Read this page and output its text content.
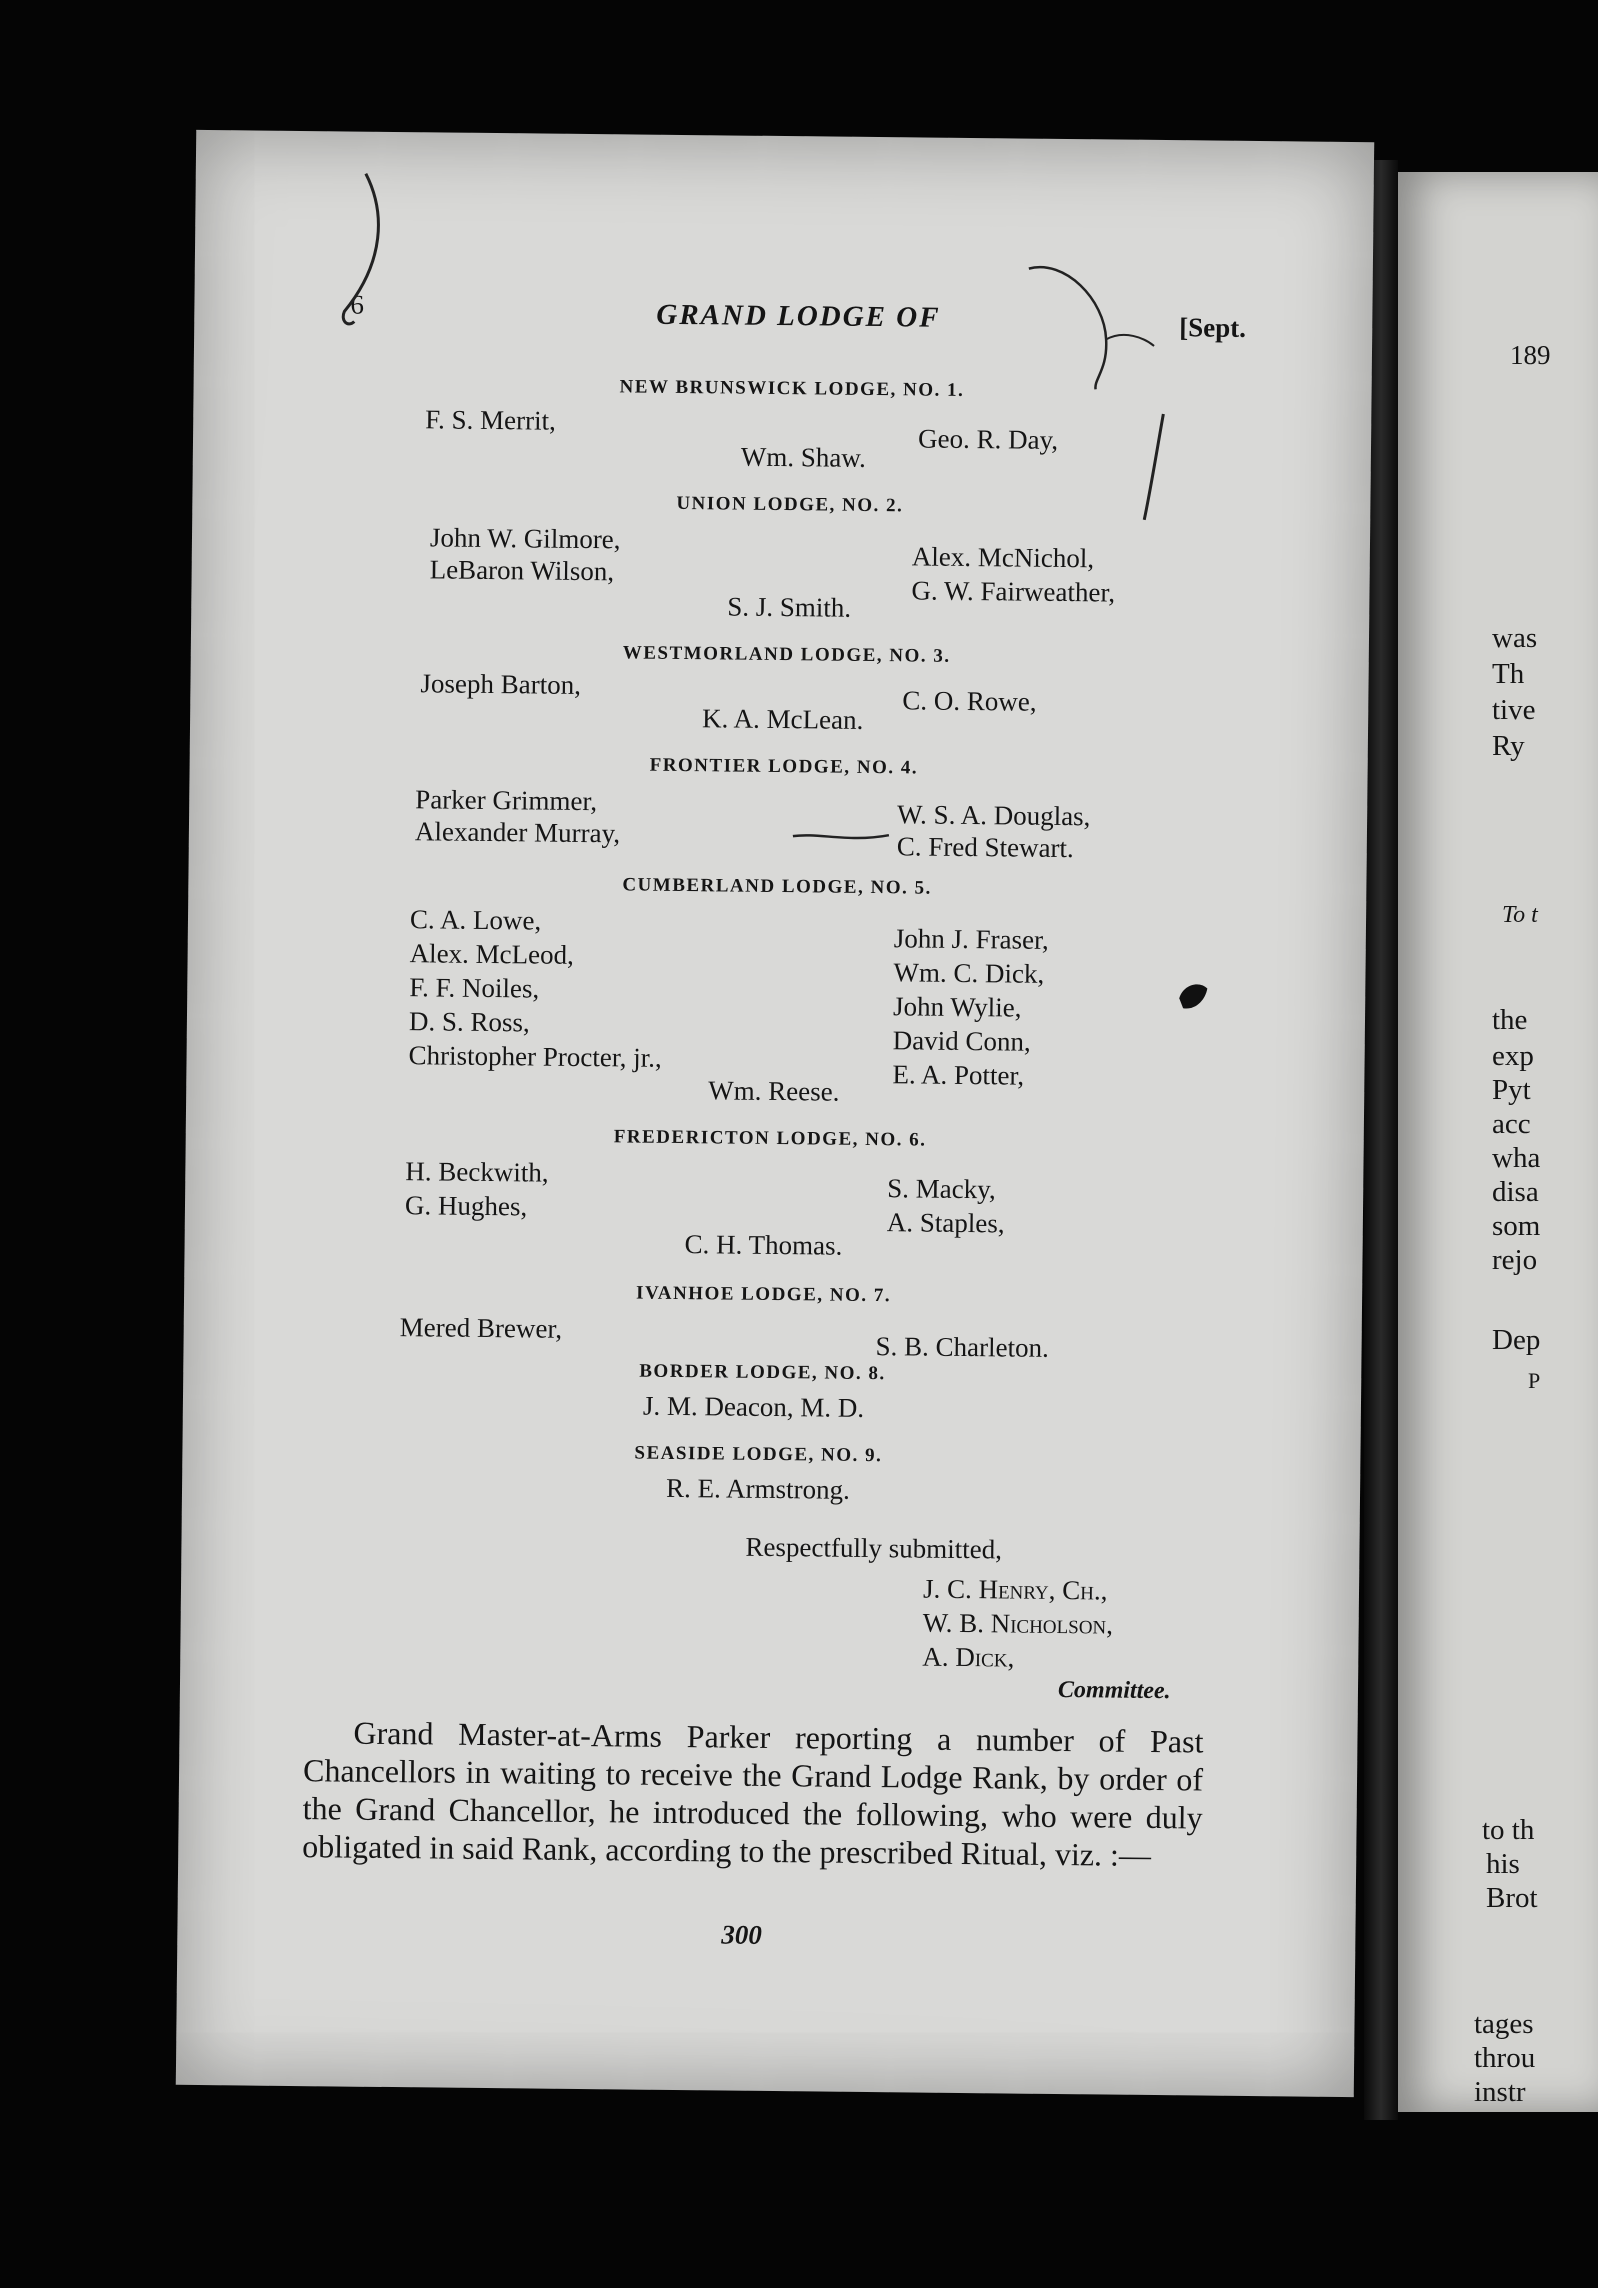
189
was
Th
tive
Ry
To t
the
exp
Pyt
acc
wha
disa
som
rejo
Dep
P
to th
his
Brot
tages
throu
instr
6	GRAND LODGE OF	[Sept.
NEW BRUNSWICK LODGE, NO. 1.
F. S. Merrit,
Geo. R. Day,
Wm. Shaw.
UNION LODGE, NO. 2.
John W. Gilmore,
LeBaron Wilson,	Alex. McNichol,
G. W. Fairweather,
S. J. Smith.
WESTMORLAND LODGE, NO. 3.
Joseph Barton,
C. O. Rowe,
K. A. McLean.
FRONTIER LODGE, NO. 4.
Parker Grimmer,
Alexander Murray,
W. S. A. Douglas,
C. Fred Stewart.
CUMBERLAND LODGE, NO. 5.
C. A. Lowe,
Alex. McLeod,
F. F. Noiles,
D. S. Ross,
Christopher Procter, jr.,
John J. Fraser,
Wm. C. Dick,
John Wylie,
David Conn,
E. A. Potter,
Wm. Reese.
FREDERICTON LODGE, NO. 6.
H. Beckwith,
G. Hughes,
S. Macky,
A. Staples,
C. H. Thomas.
IVANHOE LODGE, NO. 7.
Mered Brewer,
S. B. Charleton.
BORDER LODGE, NO. 8.
J. M. Deacon, M. D.
SEASIDE LODGE, NO. 9.
R. E. Armstrong.
Respectfully submitted,
J. C. Henry, Ch.,
W. B. Nicholson,
A. Dick,
Committee.
Grand Master-at-Arms Parker reporting a number of Past Chancellors in waiting to receive the Grand Lodge Rank, by order of the Grand Chancellor, he introduced the following, who were duly obligated in said Rank, according to the prescribed Ritual, viz. :—
300
